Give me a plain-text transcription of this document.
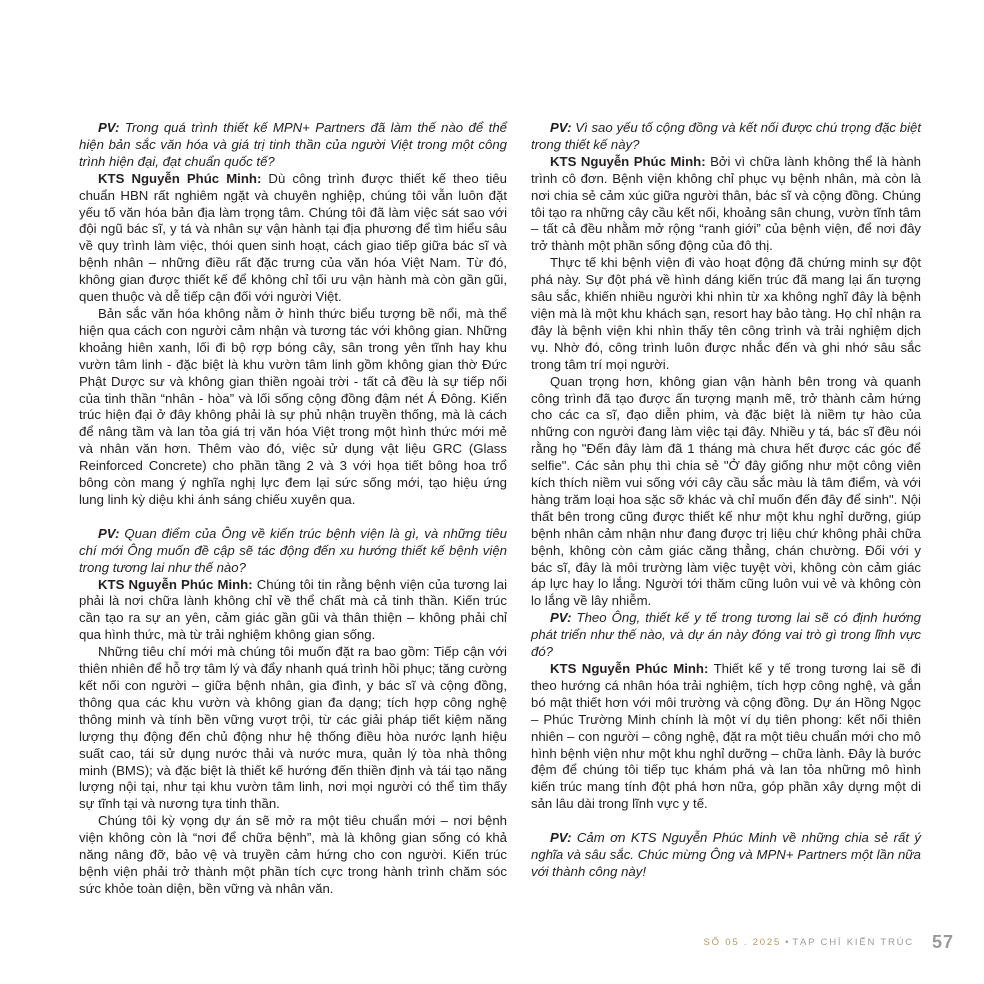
PV: Trong quá trình thiết kế MPN+ Partners đã làm thế nào để thể hiện bản sắc văn hóa và giá trị tinh thần của người Việt trong một công trình hiện đại, đạt chuẩn quốc tế?

KTS Nguyễn Phúc Minh: Dù công trình được thiết kế theo tiêu chuẩn HBN rất nghiêm ngặt và chuyên nghiệp, chúng tôi vẫn luôn đặt yếu tố văn hóa bản địa làm trọng tâm. Chúng tôi đã làm việc sát sao với đội ngũ bác sĩ, y tá và nhân sự vận hành tại địa phương để tìm hiểu sâu về quy trình làm việc, thói quen sinh hoạt, cách giao tiếp giữa bác sĩ và bệnh nhân – những điều rất đặc trưng của văn hóa Việt Nam. Từ đó, không gian được thiết kế để không chỉ tối ưu vận hành mà còn gần gũi, quen thuộc và dễ tiếp cận đối với người Việt.

Bản sắc văn hóa không nằm ở hình thức biểu tượng bề nổi, mà thể hiện qua cách con người cảm nhận và tương tác với không gian. Những khoảng hiên xanh, lối đi bộ rợp bóng cây, sân trong yên tĩnh hay khu vườn tâm linh - đặc biệt là khu vườn tâm linh gồm không gian thờ Đức Phật Dược sư và không gian thiền ngoài trời - tất cả đều là sự tiếp nối của tinh thần “nhân - hòa” và lối sống cộng đồng đậm nét Á Đông. Kiến trúc hiện đại ở đây không phải là sự phủ nhận truyền thống, mà là cách để nâng tầm và lan tỏa giá trị văn hóa Việt trong một hình thức mới mẻ và nhân văn hơn. Thêm vào đó, việc sử dụng vật liệu GRC (Glass Reinforced Concrete) cho phần tầng 2 và 3 với họa tiết bông hoa trổ bông còn mang ý nghĩa nghị lực đem lại sức sống mới, tạo hiệu ứng lung linh kỳ diệu khi ánh sáng chiếu xuyên qua.

PV: Quan điểm của Ông về kiến trúc bệnh viện là gì, và những tiêu chí mới Ông muốn đề cập sẽ tác động đến xu hướng thiết kế bệnh viện trong tương lai như thế nào?

KTS Nguyễn Phúc Minh: Chúng tôi tin rằng bệnh viện của tương lai phải là nơi chữa lành không chỉ về thể chất mà cả tinh thần. Kiến trúc cần tạo ra sự an yên, cảm giác gần gũi và thân thiện – không phải chỉ qua hình thức, mà từ trải nghiệm không gian sống.

Những tiêu chí mới mà chúng tôi muốn đặt ra bao gồm: Tiếp cận với thiên nhiên để hỗ trợ tâm lý và đẩy nhanh quá trình hồi phục; tăng cường kết nối con người – giữa bệnh nhân, gia đình, y bác sĩ và cộng đồng, thông qua các khu vườn và không gian đa dạng; tích hợp công nghệ thông minh và tính bền vững vượt trội, từ các giải pháp tiết kiệm năng lượng thụ động đến chủ động như hệ thống điều hòa nước lạnh hiệu suất cao, tái sử dụng nước thải và nước mưa, quản lý tòa nhà thông minh (BMS); và đặc biệt là thiết kế hướng đến thiền định và tái tạo năng lượng nội tại, như tại khu vườn tâm linh, nơi mọi người có thể tìm thấy sự tĩnh tại và nương tựa tinh thần.

Chúng tôi kỳ vọng dự án sẽ mở ra một tiêu chuẩn mới – nơi bệnh viện không còn là “nơi để chữa bệnh”, mà là không gian sống có khả năng nâng đỡ, bảo vệ và truyền cảm hứng cho con người. Kiến trúc bệnh viện phải trở thành một phần tích cực trong hành trình chăm sóc sức khỏe toàn diện, bền vững và nhân văn.

PV: Vì sao yếu tố cộng đồng và kết nối được chú trọng đặc biệt trong thiết kế này?

KTS Nguyễn Phúc Minh: Bởi vì chữa lành không thể là hành trình cô đơn. Bệnh viện không chỉ phục vụ bệnh nhân, mà còn là nơi chia sẻ cảm xúc giữa người thân, bác sĩ và cộng đồng. Chúng tôi tạo ra những cây cầu kết nối, khoảng sân chung, vườn tĩnh tâm – tất cả đều nhằm mở rộng “ranh giới” của bệnh viện, để nơi đây trở thành một phần sống động của đô thị.

Thực tế khi bệnh viện đi vào hoạt động đã chứng minh sự đột phá này. Sự đột phá về hình dáng kiến trúc đã mang lại ấn tượng sâu sắc, khiến nhiều người khi nhìn từ xa không nghĩ đây là bệnh viện mà là một khu khách sạn, resort hay bảo tàng. Họ chỉ nhận ra đây là bệnh viện khi nhìn thấy tên công trình và trải nghiệm dịch vụ. Nhờ đó, công trình luôn được nhắc đến và ghi nhớ sâu sắc trong tâm trí mọi người.

Quan trọng hơn, không gian vận hành bên trong và quanh công trình đã tạo được ấn tượng mạnh mẽ, trở thành cảm hứng cho các ca sĩ, đạo diễn phim, và đặc biệt là niềm tự hào của những con người đang làm việc tại đây. Nhiều y tá, bác sĩ đều nói rằng họ "Đến đây làm đã 1 tháng mà chưa hết được các góc để selfie". Các sản phụ thì chia sẻ "Ở đây giống như một công viên kích thích niềm vui sống với cây cầu sắc màu là tâm điểm, và với hàng trăm loại hoa sặc sỡ khác và chỉ muốn đến đây để sinh". Nội thất bên trong cũng được thiết kế như một khu nghỉ dưỡng, giúp bệnh nhân cảm nhận như đang được trị liệu chứ không phải chữa bệnh, không còn cảm giác căng thẳng, chán chường. Đối với y bác sĩ, đây là môi trường làm việc tuyệt vời, không còn cảm giác áp lực hay lo lắng. Người tới thăm cũng luôn vui vẻ và không còn lo lắng về lây nhiễm.

PV: Theo Ông, thiết kế y tế trong tương lai sẽ có định hướng phát triển như thế nào, và dự án này đóng vai trò gì trong lĩnh vực đó?

KTS Nguyễn Phúc Minh: Thiết kế y tế trong tương lai sẽ đi theo hướng cá nhân hóa trải nghiệm, tích hợp công nghệ, và gắn bó mật thiết hơn với môi trường và cộng đồng. Dự án Hồng Ngọc – Phúc Trường Minh chính là một ví dụ tiên phong: kết nối thiên nhiên – con người – công nghệ, đặt ra một tiêu chuẩn mới cho mô hình bệnh viện như một khu nghỉ dưỡng – chữa lành. Đây là bước đệm để chúng tôi tiếp tục khám phá và lan tỏa những mô hình kiến trúc mang tính đột phá hơn nữa, góp phần xây dựng một di sản lâu dài trong lĩnh vực y tế.

PV: Cảm ơn KTS Nguyễn Phúc Minh về những chia sẻ rất ý nghĩa và sâu sắc. Chúc mừng Ông và MPN+ Partners một lần nữa với thành công này!

SỐ 05 . 2025 • TẠP CHÍ KIẾN TRÚC 57
